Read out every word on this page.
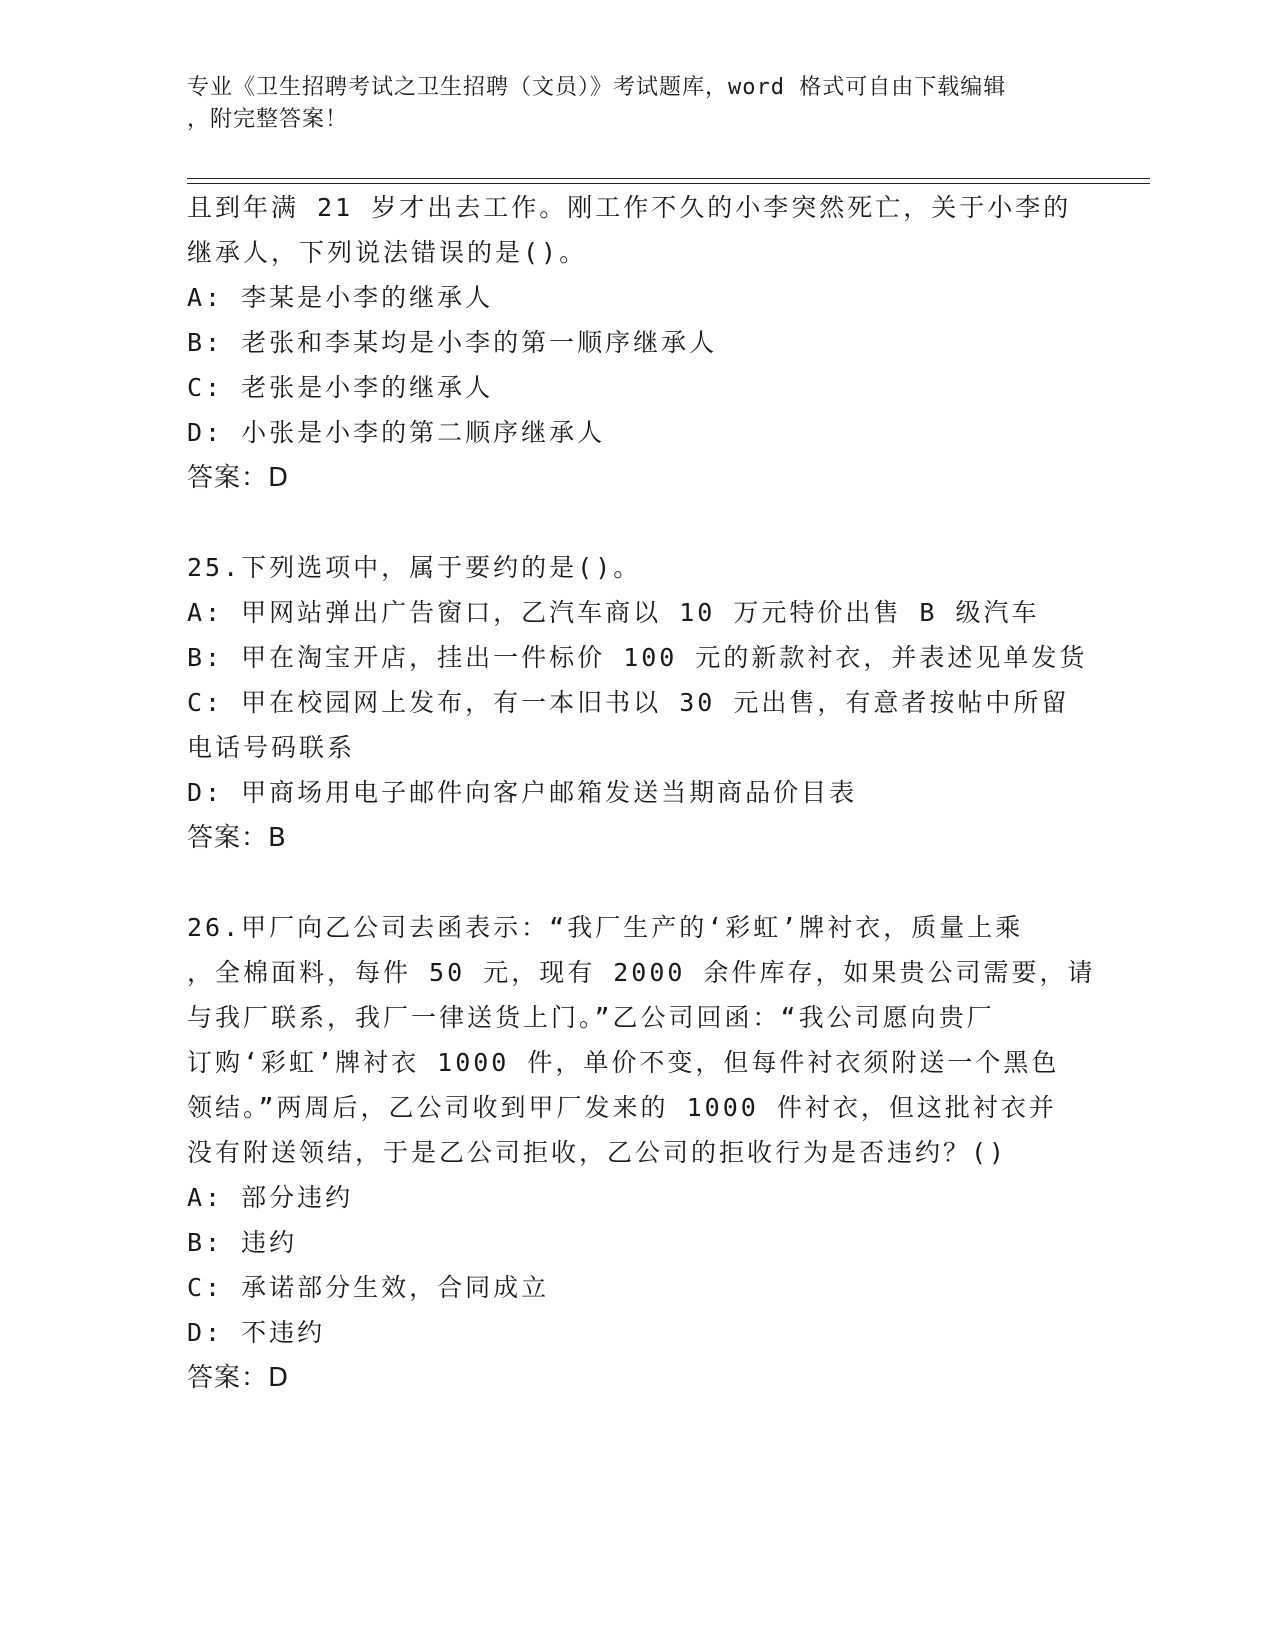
专业《卫生招聘考试之卫生招聘（文员）》考试题库，word 格式可自由下载编辑
，附完整答案！
且到年满 21 岁才出去工作。刚工作不久的小李突然死亡，关于小李的
继承人，下列说法错误的是()。
A: 李某是小李的继承人
B: 老张和李某均是小李的第一顺序继承人
C: 老张是小李的继承人
D: 小张是小李的第二顺序继承人
答案：D
25.下列选项中，属于要约的是()。
A: 甲网站弹出广告窗口，乙汽车商以 10 万元特价出售 B 级汽车
B: 甲在淘宝开店，挂出一件标价 100 元的新款衬衣，并表述见单发货
C: 甲在校园网上发布，有一本旧书以 30 元出售，有意者按帖中所留
电话号码联系
D: 甲商场用电子邮件向客户邮箱发送当期商品价目表
答案：B
26.甲厂向乙公司去函表示：“我厂生产的‘彩虹’牌衬衣，质量上乘
，全棉面料，每件 50 元，现有 2000 余件库存，如果贵公司需要，请
与我厂联系，我厂一律送货上门。”乙公司回函：“我公司愿向贵厂
订购‘彩虹’牌衬衣 1000 件，单价不变，但每件衬衣须附送一个黑色
领结。”两周后，乙公司收到甲厂发来的 1000 件衬衣，但这批衬衣并
没有附送领结，于是乙公司拒收，乙公司的拒收行为是否违约？()
A: 部分违约
B: 违约
C: 承诺部分生效，合同成立
D: 不违约
答案：D
